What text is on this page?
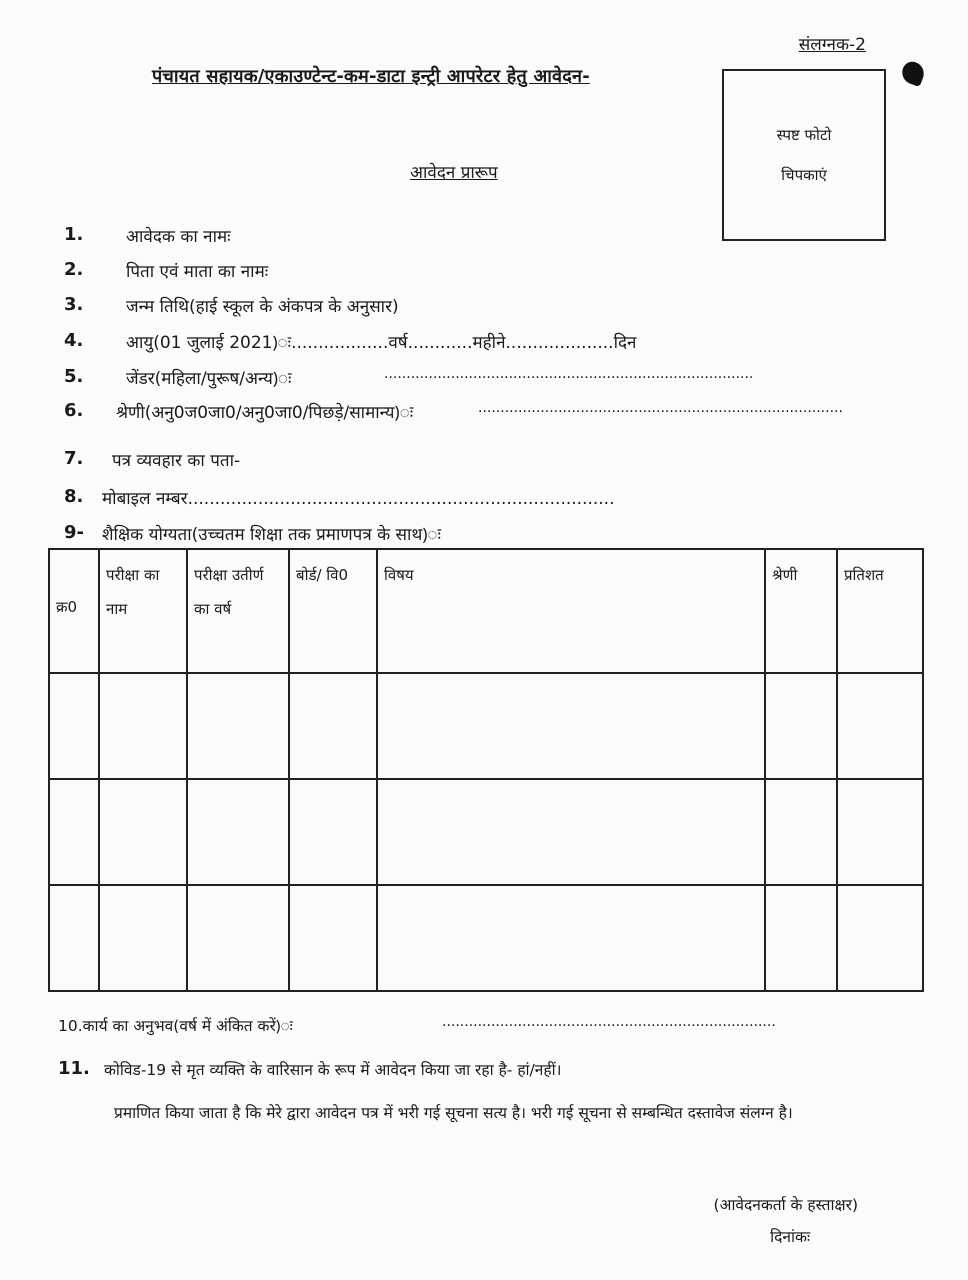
संलग्नक-2
पंचायत सहायक/एकाउण्टेन्ट-कम-डाटा इन्ट्री आपरेटर हेतु आवेदन-
आवेदन प्रारूप
स्पष्ट फोटो
चिपकाएं
1.	आवेदक का नामः
2.	पिता एवं माता का नामः
3.	जन्म तिथि(हाई स्कूल के अंकपत्र के अनुसार)
4.	आयु(01 जुलाई 2021)ः..................वर्ष............महीने....................दिन
5.	जेंडर(महिला/पुरूष/अन्य)ः	...................................................................................
6. श्रेणी(अनु0ज0जा0/अनु0जा0/पिछड़े/सामान्य)ः	..................................................................................
7. पत्र व्यवहार का पता-
8. मोबाइल नम्बर...............................................................................
9- शैक्षिक योग्यता(उच्चतम शिक्षा तक प्रमाणपत्र के साथ)ः
क्र0	परीक्षा का नाम	परीक्षा उतीर्ण का वर्ष	बोर्ड/ वि0	विषय	श्रेणी	प्रतिशत

10.कार्य का अनुभव(वर्ष में अंकित करें)ः	...........................................................................
11. कोविड-19 से मृत व्यक्ति के वारिसान के रूप में आवेदन किया जा रहा है- हां/नहीं।
प्रमाणित किया जाता है कि मेरे द्वारा आवेदन पत्र में भरी गई सूचना सत्य है। भरी गई सूचना से सम्बन्धित दस्तावेज संलग्न है।
(आवेदनकर्ता के हस्ताक्षर)
दिनांकः
